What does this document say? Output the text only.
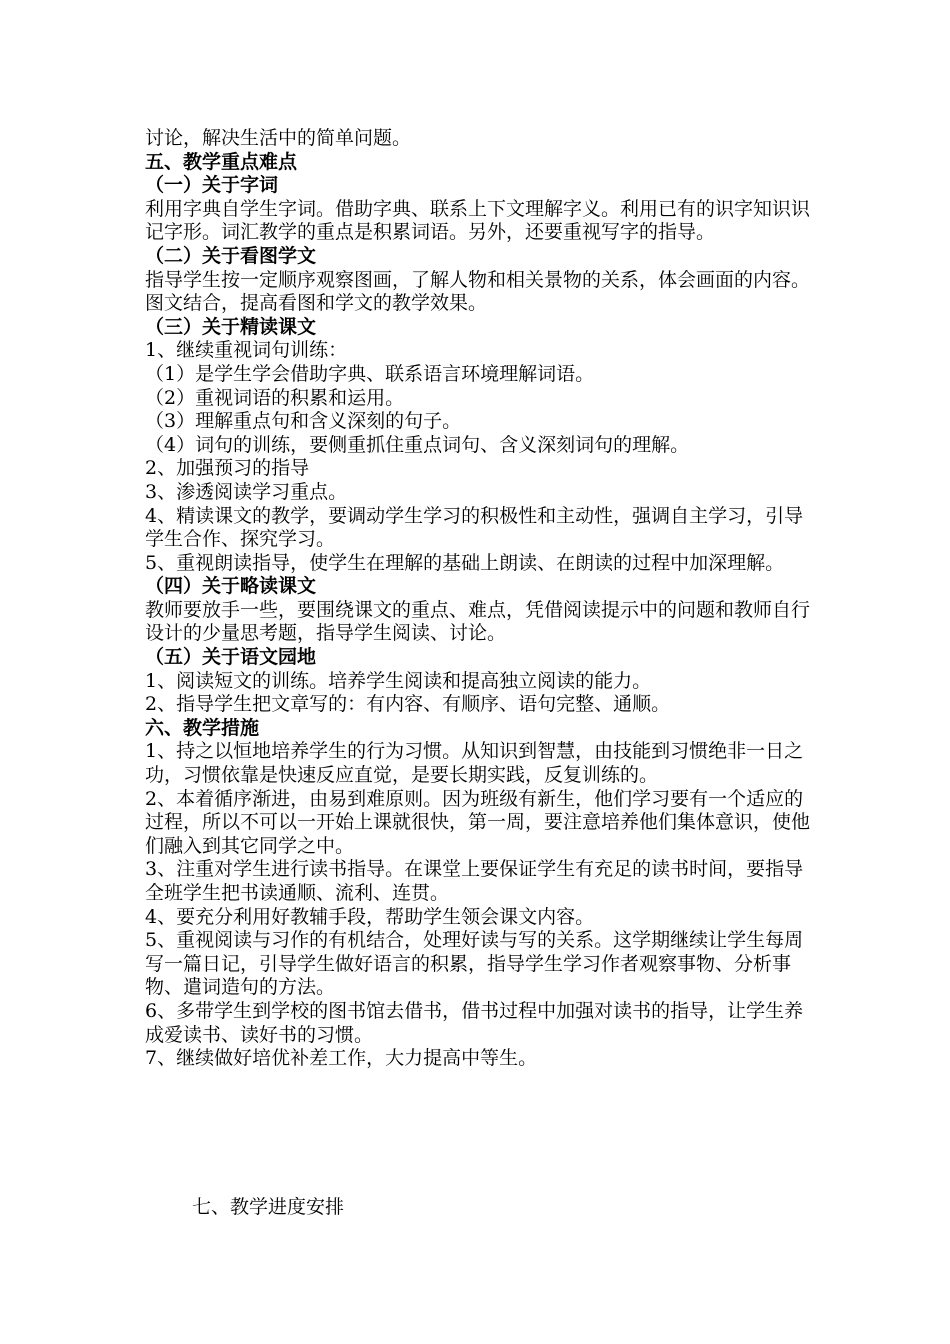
讨论，解决生活中的简单问题。

五、教学重点难点

（一）关于字词

利用字典自学生字词。借助字典、联系上下文理解字义。利用已有的识字知识识记字形。词汇教学的重点是积累词语。另外，还要重视写字的指导。

（二）关于看图学文

指导学生按一定顺序观察图画，了解人物和相关景物的关系，体会画面的内容。图文结合，提高看图和学文的教学效果。

（三）关于精读课文

1、继续重视词句训练：

（1）是学生学会借助字典、联系语言环境理解词语。

（2）重视词语的积累和运用。

（3）理解重点句和含义深刻的句子。

（4）词句的训练，要侧重抓住重点词句、含义深刻词句的理解。

2、加强预习的指导

3、渗透阅读学习重点。

4、精读课文的教学，要调动学生学习的积极性和主动性，强调自主学习，引导学生合作、探究学习。

5、重视朗读指导，使学生在理解的基础上朗读、在朗读的过程中加深理解。

（四）关于略读课文

教师要放手一些，要围绕课文的重点、难点，凭借阅读提示中的问题和教师自行设计的少量思考题，指导学生阅读、讨论。

（五）关于语文园地

1、阅读短文的训练。培养学生阅读和提高独立阅读的能力。

2、指导学生把文章写的：有内容、有顺序、语句完整、通顺。

六、教学措施

1、持之以恒地培养学生的行为习惯。从知识到智慧，由技能到习惯绝非一日之功，习惯依靠是快速反应直觉，是要长期实践，反复训练的。

2、本着循序渐进，由易到难原则。因为班级有新生，他们学习要有一个适应的过程，所以不可以一开始上课就很快，第一周，要注意培养他们集体意识，使他们融入到其它同学之中。

3、注重对学生进行读书指导。在课堂上要保证学生有充足的读书时间，要指导全班学生把书读通顺、流利、连贯。

4、要充分利用好教辅手段，帮助学生领会课文内容。

5、重视阅读与习作的有机结合，处理好读与写的关系。这学期继续让学生每周写一篇日记，引导学生做好语言的积累，指导学生学习作者观察事物、分析事物、遣词造句的方法。

6、多带学生到学校的图书馆去借书，借书过程中加强对读书的指导，让学生养成爱读书、读好书的习惯。

7、继续做好培优补差工作，大力提高中等生。

七、教学进度安排
